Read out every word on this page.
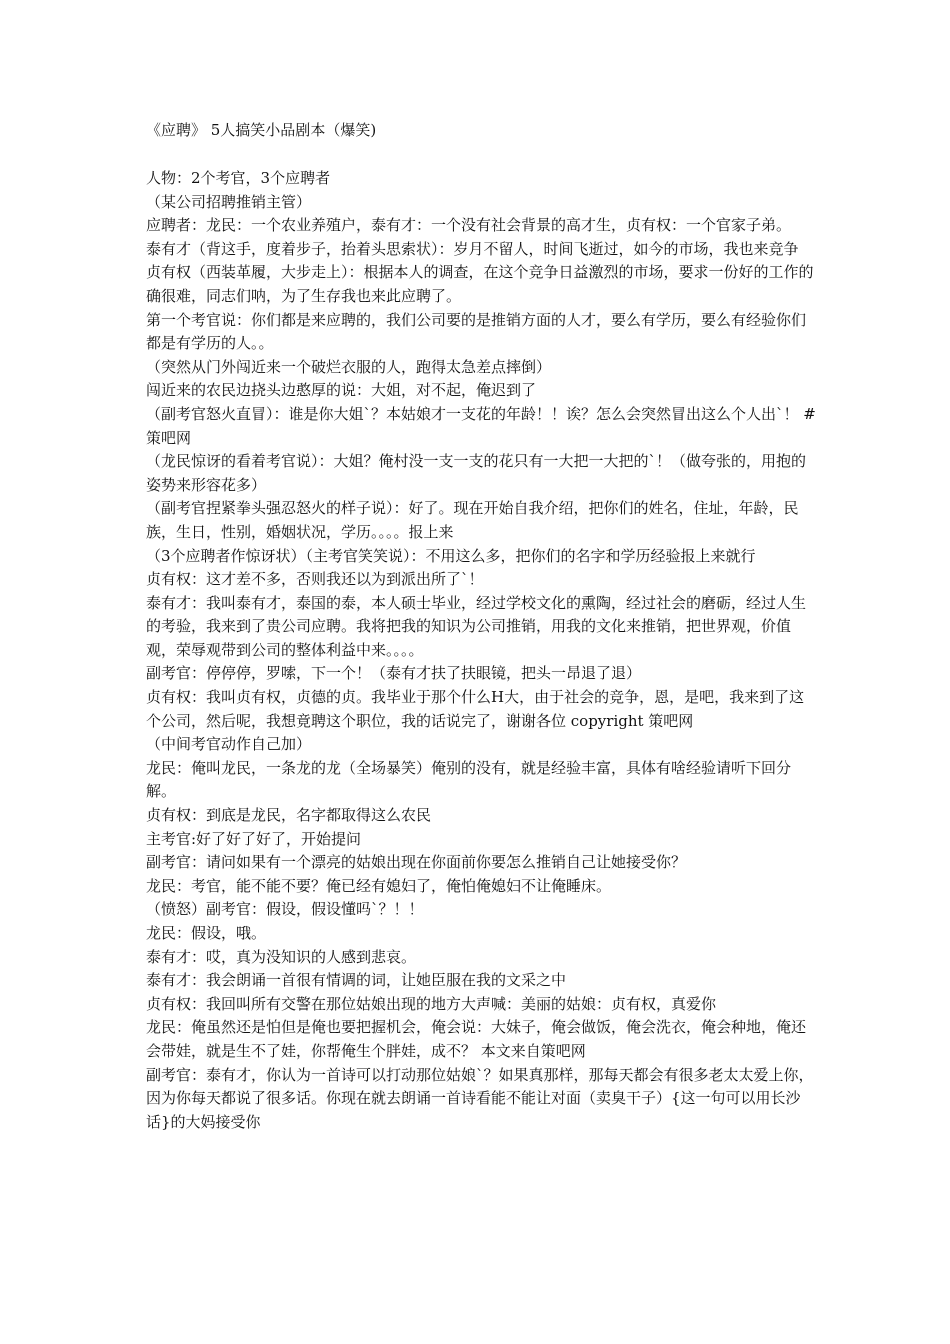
《应聘》 5人搞笑小品剧本（爆笑)

人物：2个考官，3个应聘者

（某公司招聘推销主管）

应聘者：龙民：一个农业养殖户，泰有才：一个没有社会背景的高才生，贞有权：一个官家子弟。

泰有才（背这手，度着步子，抬着头思索状）：岁月不留人，时间飞逝过，如今的市场，我也来竞争

贞有权（西装革履，大步走上）：根据本人的调查，在这个竞争日益激烈的市场，要求一份好的工作的确很难，同志们呐，为了生存我也来此应聘了。

第一个考官说：你们都是来应聘的，我们公司要的是推销方面的人才，要么有学历，要么有经验你们都是有学历的人。。

（突然从门外闯近来一个破烂衣服的人，跑得太急差点摔倒）

闯近来的农民边挠头边憨厚的说：大姐，对不起，俺迟到了

（副考官怒火直冒）：谁是你大姐`？本姑娘才一支花的年龄！！诶？怎么会突然冒出这么个人出`！ #策吧网

（龙民惊讶的看着考官说）：大姐？俺村没一支一支的花只有一大把一大把的`！（做夸张的，用抱的姿势来形容花多）

（副考官捏紧拳头强忍怒火的样子说）：好了。现在开始自我介绍，把你们的姓名，住址，年龄，民族，生日，性别，婚姻状况，学历。。。。报上来

（3个应聘者作惊讶状）（主考官笑笑说）：不用这么多，把你们的名字和学历经验报上来就行

贞有权：这才差不多，否则我还以为到派出所了`！

泰有才：我叫泰有才，泰国的泰，本人硕士毕业，经过学校文化的熏陶，经过社会的磨砺，经过人生的考验，我来到了贵公司应聘。我将把我的知识为公司推销，用我的文化来推销，把世界观，价值观，荣辱观带到公司的整体利益中来。。。。

副考官：停停停，罗嗦，下一个！（泰有才扶了扶眼镜，把头一昂退了退）

贞有权：我叫贞有权，贞德的贞。我毕业于那个什么H大，由于社会的竞争，恩，是吧，我来到了这个公司，然后呢，我想竟聘这个职位，我的话说完了，谢谢各位 copyright 策吧网

（中间考官动作自己加）

龙民：俺叫龙民，一条龙的龙（全场暴笑）俺别的没有，就是经验丰富，具体有啥经验请听下回分解。

贞有权：到底是龙民，名字都取得这么农民

主考官:好了好了好了，开始提问

副考官：请问如果有一个漂亮的姑娘出现在你面前你要怎么推销自己让她接受你？

龙民：考官，能不能不要？俺已经有媳妇了，俺怕俺媳妇不让俺睡床。

（愤怒）副考官：假设，假设懂吗`？！！

龙民：假设，哦。

泰有才：哎，真为没知识的人感到悲哀。

泰有才：我会朗诵一首很有情调的词，让她臣服在我的文采之中

贞有权：我回叫所有交警在那位姑娘出现的地方大声喊：美丽的姑娘：贞有权，真爱你

龙民：俺虽然还是怕但是俺也要把握机会，俺会说：大妹子，俺会做饭，俺会洗衣，俺会种地，俺还会带娃，就是生不了娃，你帮俺生个胖娃，成不？ 本文来自策吧网

副考官：泰有才，你认为一首诗可以打动那位姑娘`？如果真那样，那每天都会有很多老太太爱上你，因为你每天都说了很多话。你现在就去朗诵一首诗看能不能让对面（卖臭干子）{这一句可以用长沙话}的大妈接受你
